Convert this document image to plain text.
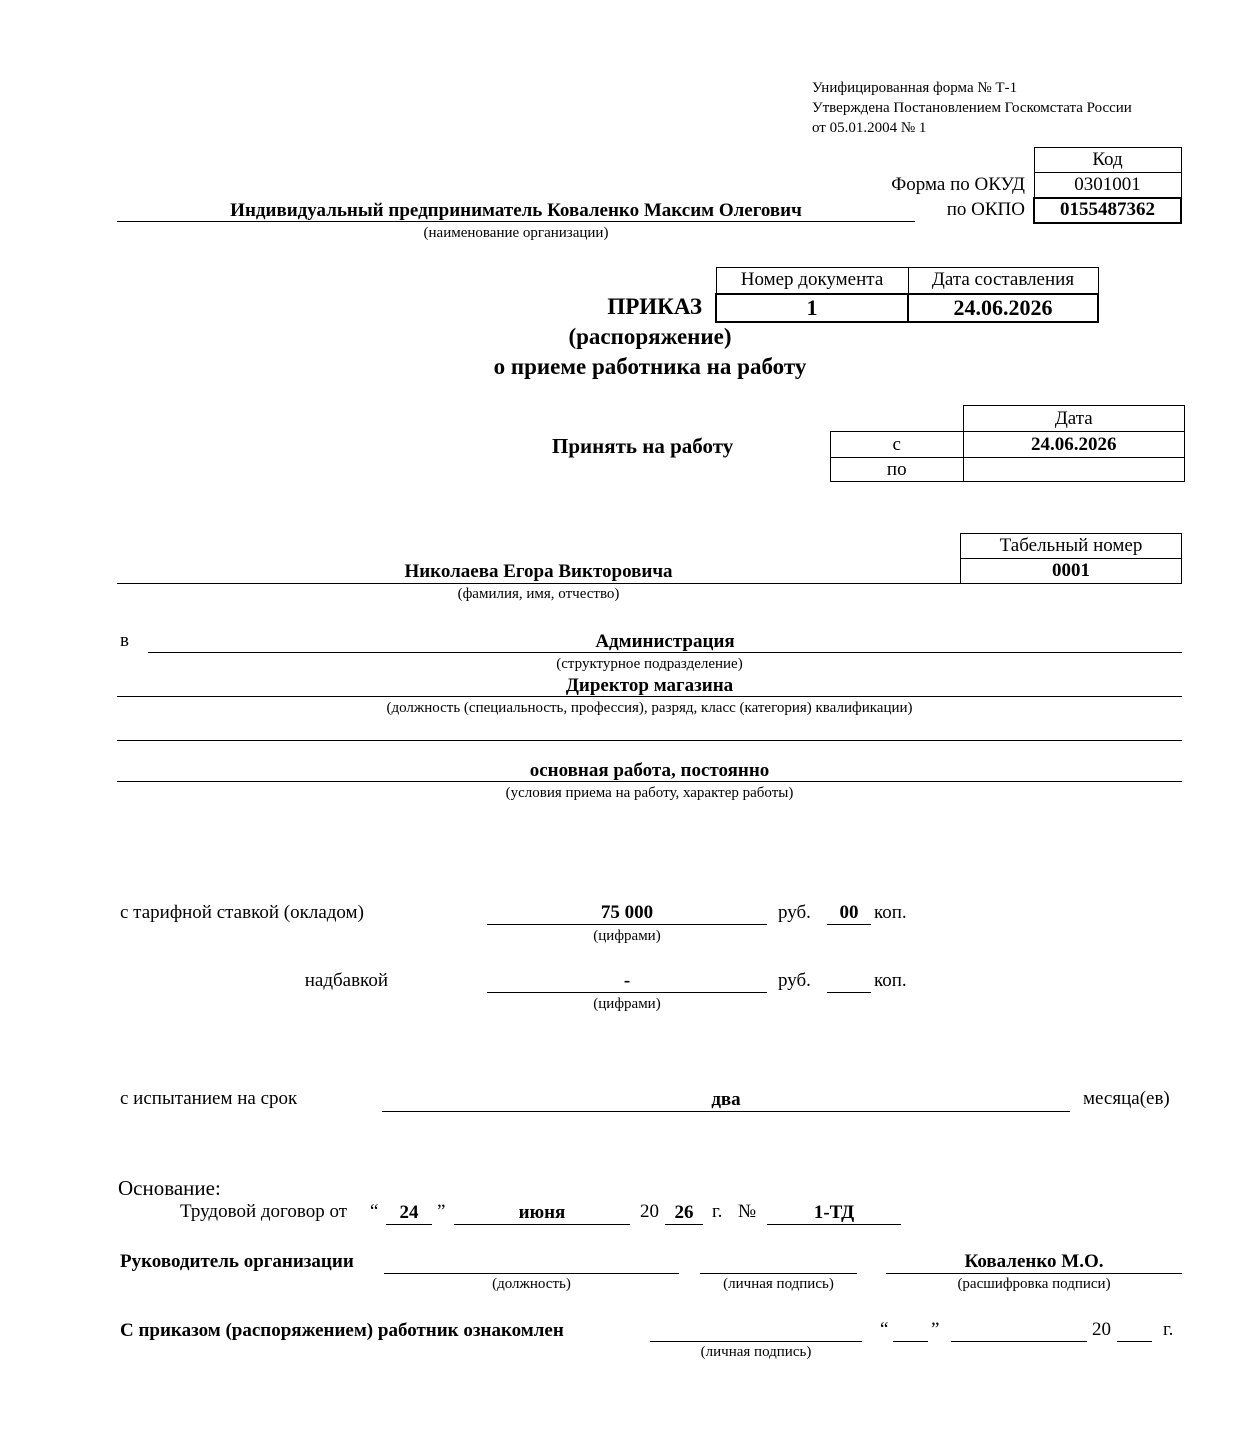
Унифицированная форма № Т-1
Утверждена Постановлением Госкомстата России
от 05.01.2004 № 1
Форма по ОКУД
по ОКПО
Код
0301001
0155487362
Индивидуальный предприниматель Коваленко Максим Олегович
(наименование организации)
Номер документа	Дата составления
1	24.06.2026
ПРИКАЗ
(распоряжение)
о приеме работника на работу
Принять на работу
	Дата
с	24.06.2026
по	
Табельный номер
0001
Николаева Егора Викторовича
(фамилия, имя, отчество)
в	Администрация
(структурное подразделение)
Директор магазина
(должность (специальность, профессия), разряд, класс (категория) квалификации)
основная работа, постоянно
(условия приема на работу, характер работы)
с тарифной ставкой (окладом)	75 000
(цифрами)
руб.	00 коп.
надбавкой	-
(цифрами)
руб.	коп.
с испытанием на срок	два	месяца(ев)
Основание:
Трудовой договор от “	24 ”	июня	20 26 г. №	1-ТД
Руководитель организации
(должность)	(личная подпись)
Коваленко М.О.
(расшифровка подписи)
С приказом (распоряжением) работник ознакомлен
(личная подпись)
“ ”	20	г.
